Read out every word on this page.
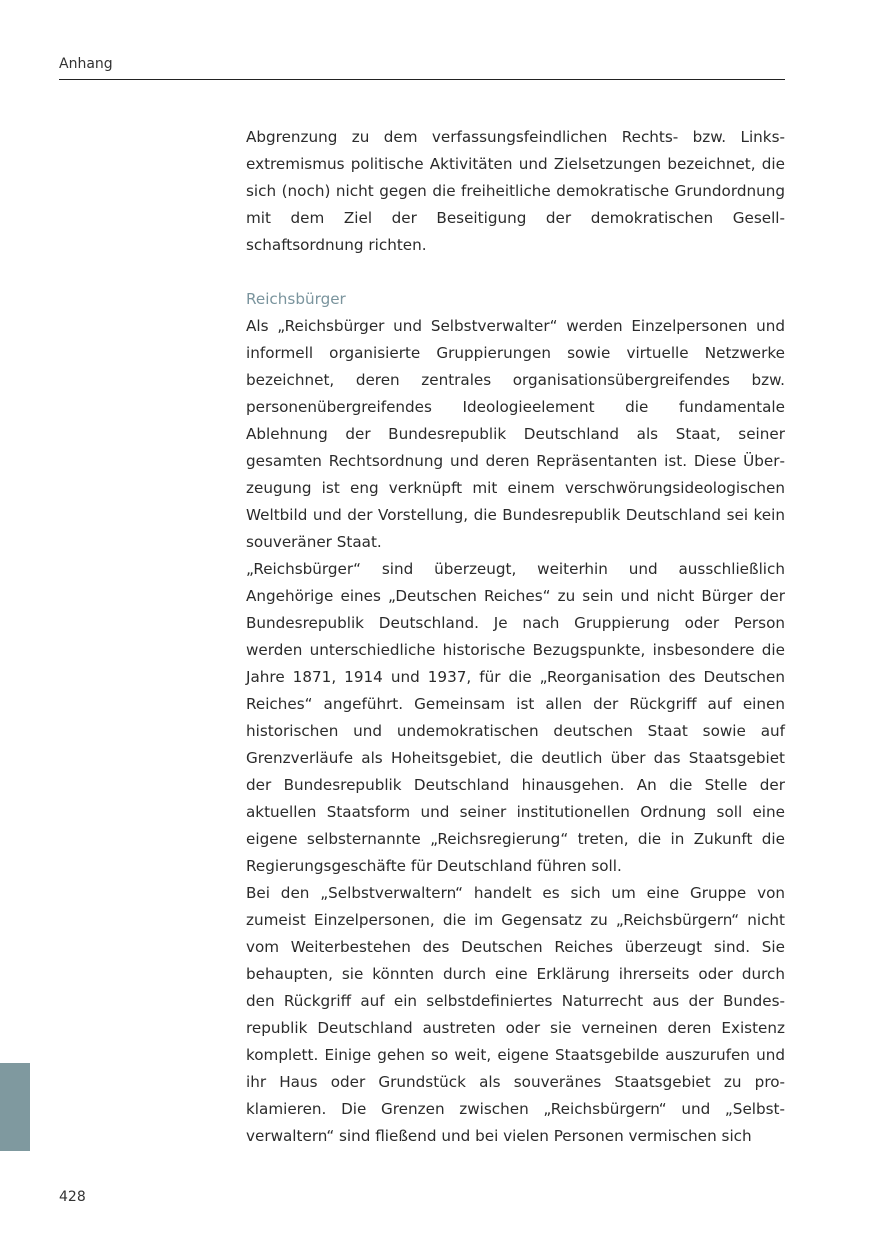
Anhang

Abgrenzung zu dem verfassungsfeindlichen Rechts- bzw. Linksextremismus politische Aktivitäten und Zielsetzungen bezeichnet, die sich (noch) nicht gegen die freiheitliche demokratische Grundordnung mit dem Ziel der Beseitigung der demokratischen Gesellschaftsordnung richten.

Reichsbürger

Als „Reichsbürger und Selbstverwalter“ werden Einzelpersonen und informell organisierte Gruppierungen sowie virtuelle Netzwerke bezeichnet, deren zentrales organisationsübergreifendes bzw. personenübergreifendes Ideologieelement die fundamentale Ablehnung der Bundesrepublik Deutschland als Staat, seiner gesamten Rechtsordnung und deren Repräsentanten ist. Diese Überzeugung ist eng verknüpft mit einem verschwörungsideologischen Weltbild und der Vorstellung, die Bundesrepublik Deutschland sei kein souveräner Staat.

„Reichsbürger“ sind überzeugt, weiterhin und ausschließlich Angehörige eines „Deutschen Reiches“ zu sein und nicht Bürger der Bundesrepublik Deutschland. Je nach Gruppierung oder Person werden unterschiedliche historische Bezugspunkte, insbesondere die Jahre 1871, 1914 und 1937, für die „Reorganisation des Deutschen Reiches“ angeführt. Gemeinsam ist allen der Rückgriff auf einen historischen und undemokratischen deutschen Staat sowie auf Grenzverläufe als Hoheitsgebiet, die deutlich über das Staatsgebiet der Bundesrepublik Deutschland hinausgehen. An die Stelle der aktuellen Staatsform und seiner institutionellen Ordnung soll eine eigene selbsternannte „Reichsregierung“ treten, die in Zukunft die Regierungsgeschäfte für Deutschland führen soll.

Bei den „Selbstverwaltern“ handelt es sich um eine Gruppe von zumeist Einzelpersonen, die im Gegensatz zu „Reichsbürgern“ nicht vom Weiterbestehen des Deutschen Reiches überzeugt sind. Sie behaupten, sie könnten durch eine Erklärung ihrerseits oder durch den Rückgriff auf ein selbstdefiniertes Naturrecht aus der Bundesrepublik Deutschland austreten oder sie verneinen deren Existenz komplett. Einige gehen so weit, eigene Staatsgebilde auszurufen und ihr Haus oder Grundstück als souveränes Staatsgebiet zu proklamieren. Die Grenzen zwischen „Reichsbürgern“ und „Selbstverwaltern“ sind fließend und bei vielen Personen vermischen sich

428
